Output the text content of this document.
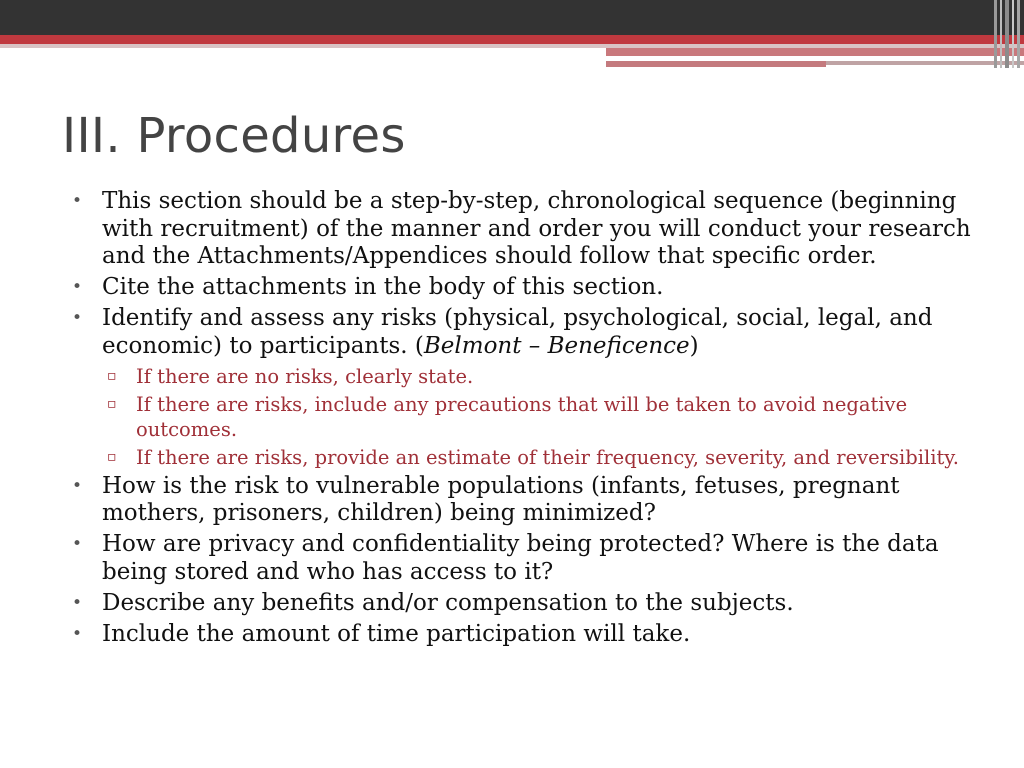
III. Procedures
• This section should be a step-by-step, chronological sequence (beginning with recruitment) of the manner and order you will conduct your research and the Attachments/Appendices should follow that specific order.
• Cite the attachments in the body of this section.
• Identify and assess any risks (physical, psychological, social, legal, and economic) to participants. (Belmont – Beneficence)
▫ If there are no risks, clearly state.
▫ If there are risks, include any precautions that will be taken to avoid negative outcomes.
▫ If there are risks, provide an estimate of their frequency, severity, and reversibility.
• How is the risk to vulnerable populations (infants, fetuses, pregnant mothers, prisoners, children) being minimized?
• How are privacy and confidentiality being protected? Where is the data being stored and who has access to it?
• Describe any benefits and/or compensation to the subjects.
• Include the amount of time participation will take.
